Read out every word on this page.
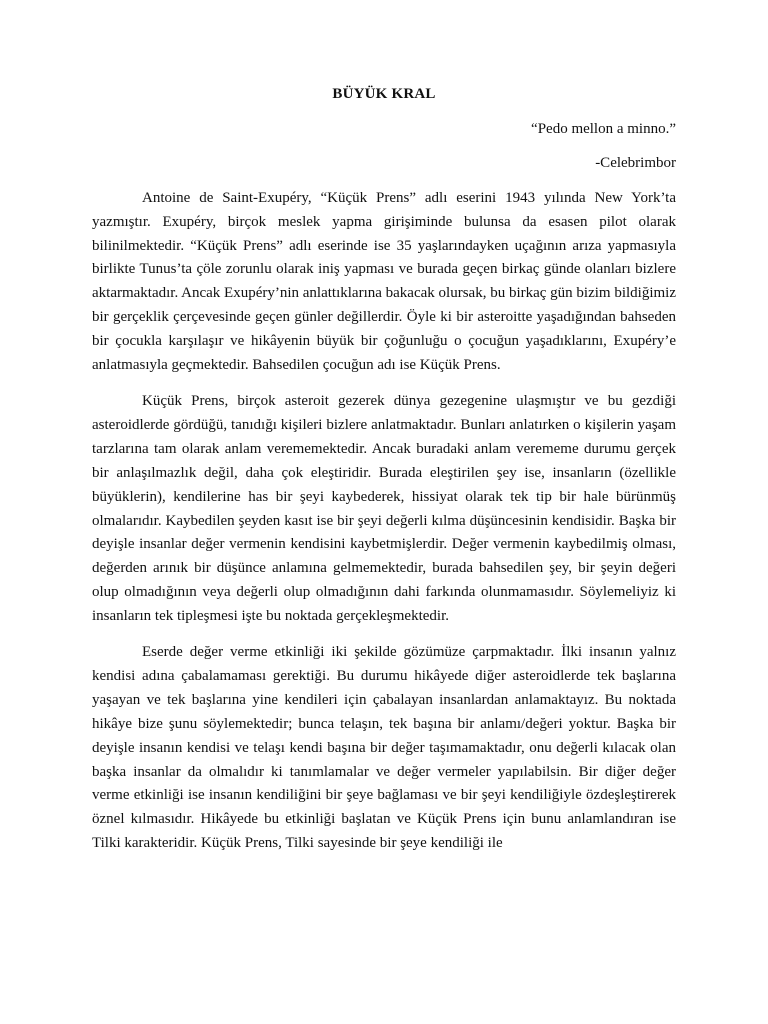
BÜYÜK KRAL

“Pedo mellon a minno.”

-Celebrimbor

Antoine de Saint-Exupéry, “Küçük Prens” adlı eserini 1943 yılında New York’ta yazmıştır. Exupéry, birçok meslek yapma girişiminde bulunsa da esasen pilot olarak bilinilmektedir. “Küçük Prens” adlı eserinde ise 35 yaşlarındayken uçağının arıza yapmasıyla birlikte Tunus’ta çöle zorunlu olarak iniş yapması ve burada geçen birkaç günde olanları bizlere aktarmaktadır. Ancak Exupéry’nin anlattıklarına bakacak olursak, bu birkaç gün bizim bildiğimiz bir gerçeklik çerçevesinde geçen günler değillerdir. Öyle ki bir asteroitte yaşadığından bahseden bir çocukla karşılaşır ve hikâyenin büyük bir çoğunluğu o çocuğun yaşadıklarını, Exupéry’e anlatmasıyla geçmektedir. Bahsedilen çocuğun adı ise Küçük Prens.

Küçük Prens, birçok asteroit gezerek dünya gezegenine ulaşmıştır ve bu gezdiği asteroidlerde gördüğü, tanıdığı kişileri bizlere anlatmaktadır. Bunları anlatırken o kişilerin yaşam tarzlarına tam olarak anlam verememektedir. Ancak buradaki anlam verememe durumu gerçek bir anlaşılmazlık değil, daha çok eleştiridir. Burada eleştirilen şey ise, insanların (özellikle büyüklerin), kendilerine has bir şeyi kaybederek, hissiyat olarak tek tip bir hale bürünmüş olmalarıdır. Kaybedilen şeyden kasıt ise bir şeyi değerli kılma düşüncesinin kendisidir. Başka bir deyişle insanlar değer vermenin kendisini kaybetmişlerdir. Değer vermenin kaybedilmiş olması, değerden arınık bir düşünce anlamına gelmemektedir, burada bahsedilen şey, bir şeyin değeri olup olmadığının veya değerli olup olmadığının dahi farkında olunmamasıdır. Söylemeliyiz ki insanların tek tipleşmesi işte bu noktada gerçekleşmektedir.

Eserde değer verme etkinliği iki şekilde gözümüze çarpmaktadır. İlki insanın yalnız kendisi adına çabalamaması gerektiği. Bu durumu hikâyede diğer asteroidlerde tek başlarına yaşayan ve tek başlarına yine kendileri için çabalayan insanlardan anlamaktayız. Bu noktada hikâye bize şunu söylemektedir; bunca telaşın, tek başına bir anlamı/değeri yoktur. Başka bir deyişle insanın kendisi ve telaşı kendi başına bir değer taşımamaktadır, onu değerli kılacak olan başka insanlar da olmalıdır ki tanımlamalar ve değer vermeler yapılabilsin. Bir diğer değer verme etkinliği ise insanın kendiliğini bir şeye bağlaması ve bir şeyi kendiliğiyle özdeşleştirerek öznel kılmasıdır. Hikâyede bu etkinliği başlatan ve Küçük Prens için bunu anlamlandıran ise Tilki karakteridir. Küçük Prens, Tilki sayesinde bir şeye kendiliği ile
